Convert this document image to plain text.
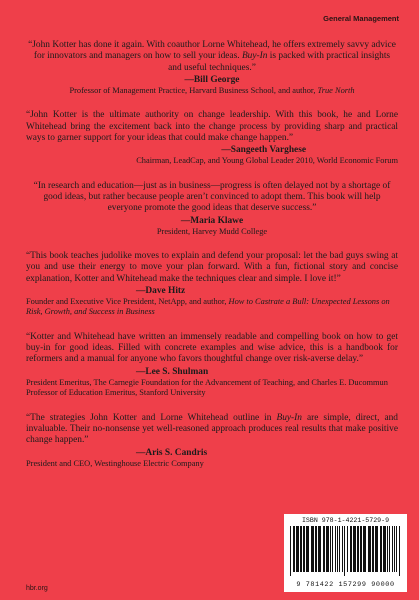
General Management

“John Kotter has done it again. With coauthor Lorne Whitehead, he offers extremely savvy advice for innovators and managers on how to sell your ideas. Buy-In is packed with practical insights and useful techniques.”

—Bill George

Professor of Management Practice, Harvard Business School, and author, True North

“John Kotter is the ultimate authority on change leadership. With this book, he and Lorne Whitehead bring the excitement back into the change process by providing sharp and practical ways to garner support for your ideas that could make change happen.”

—Sangeeth Varghese

Chairman, LeadCap, and Young Global Leader 2010, World Economic Forum

“In research and education—just as in business—progress is often delayed not by a shortage of good ideas, but rather because people aren’t convinced to adopt them. This book will help everyone promote the good ideas that deserve success.”

—Maria Klawe

President, Harvey Mudd College

“This book teaches judolike moves to explain and defend your proposal: let the bad guys swing at you and use their energy to move your plan forward. With a fun, fictional story and concise explanation, Kotter and Whitehead make the techniques clear and simple. I love it!”

—Dave Hitz

Founder and Executive Vice President, NetApp, and author, How to Castrate a Bull: Unexpected Lessons on Risk, Growth, and Success in Business

“Kotter and Whitehead have written an immensely readable and compelling book on how to get buy-in for good ideas. Filled with concrete examples and wise advice, this is a handbook for reformers and a manual for anyone who favors thoughtful change over risk-averse delay.”

—Lee S. Shulman

President Emeritus, The Carnegie Foundation for the Advancement of Teaching, and Charles E. Ducommun Professor of Education Emeritus, Stanford University

“The strategies John Kotter and Lorne Whitehead outline in Buy-In are simple, direct, and invaluable. Their no-nonsense yet well-reasoned approach produces real results that make positive change happen.”

—Aris S. Candris

President and CEO, Westinghouse Electric Company

hbr.org
ISBN 978-1-4221-5729-9
9 781422 157299 90000
